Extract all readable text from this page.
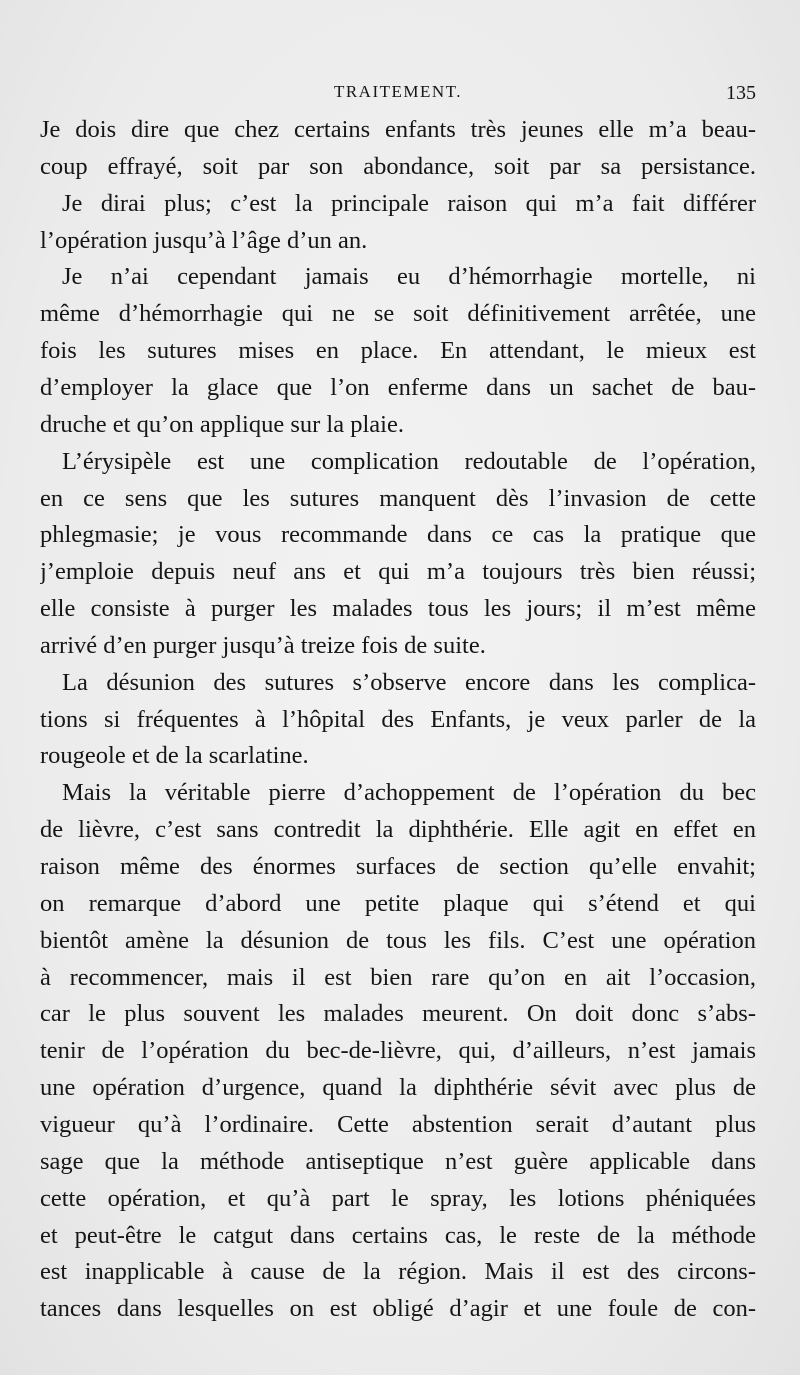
TRAITEMENT.	135
Je dois dire que chez certains enfants très jeunes elle m’a beau-
coup effrayé, soit par son abondance, soit par sa persistance.
Je dirai plus; c’est la principale raison qui m’a fait différer
l’opération jusqu’à l’âge d’un an.
Je n’ai cependant jamais eu d’hémorrhagie mortelle, ni
même d’hémorrhagie qui ne se soit définitivement arrêtée, une
fois les sutures mises en place. En attendant, le mieux est
d’employer la glace que l’on enferme dans un sachet de bau-
druche et qu’on applique sur la plaie.
L’érysipèle est une complication redoutable de l’opération,
en ce sens que les sutures manquent dès l’invasion de cette
phlegmasie; je vous recommande dans ce cas la pratique que
j’emploie depuis neuf ans et qui m’a toujours très bien réussi;
elle consiste à purger les malades tous les jours; il m’est même
arrivé d’en purger jusqu’à treize fois de suite.
La désunion des sutures s’observe encore dans les complica-
tions si fréquentes à l’hôpital des Enfants, je veux parler de la
rougeole et de la scarlatine.
Mais la véritable pierre d’achoppement de l’opération du bec
de lièvre, c’est sans contredit la diphthérie. Elle agit en effet en
raison même des énormes surfaces de section qu’elle envahit;
on remarque d’abord une petite plaque qui s’étend et qui
bientôt amène la désunion de tous les fils. C’est une opération
à recommencer, mais il est bien rare qu’on en ait l’occasion,
car le plus souvent les malades meurent. On doit donc s’abs-
tenir de l’opération du bec-de-lièvre, qui, d’ailleurs, n’est jamais
une opération d’urgence, quand la diphthérie sévit avec plus de
vigueur qu’à l’ordinaire. Cette abstention serait d’autant plus
sage que la méthode antiseptique n’est guère applicable dans
cette opération, et qu’à part le spray, les lotions phéniquées
et peut-être le catgut dans certains cas, le reste de la méthode
est inapplicable à cause de la région. Mais il est des circons-
tances dans lesquelles on est obligé d’agir et une foule de con-
